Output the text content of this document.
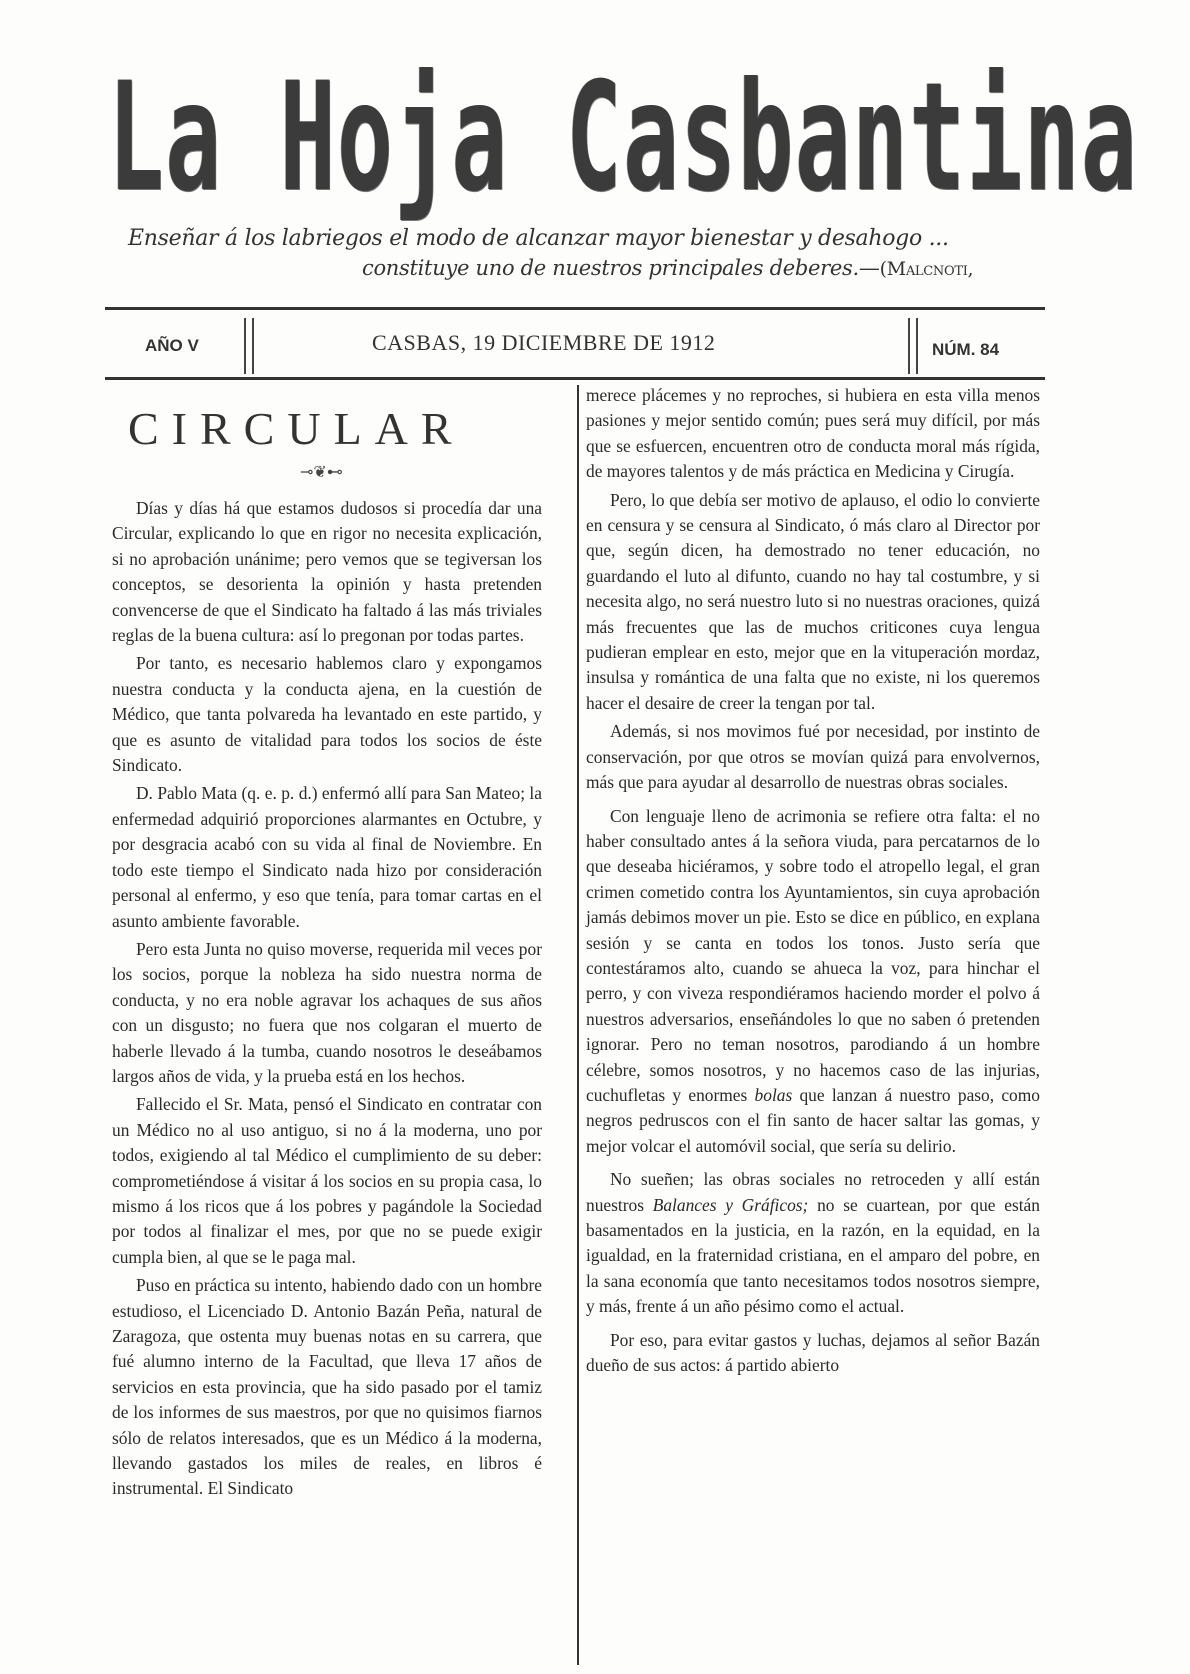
La Hoja Casbantina
Enseñar á los labriegos el modo de alcanzar mayor bienestar y desahogo ...
constituye uno de nuestros principales deberes.—(Malcnoti,
AÑO V	CASBAS, 19 DICIEMBRE DE 1912	NÚM. 84
CIRCULAR
⊸❦⊷

Días y días há que estamos dudosos si procedía dar una Circular, explicando lo que en rigor no necesita explicación, si no aprobación unánime; pero vemos que se tegiversan los conceptos, se desorienta la opinión y hasta pretenden convencerse de que el Sindicato ha faltado á las más triviales reglas de la buena cultura: así lo pregonan por todas partes.

Por tanto, es necesario hablemos claro y expongamos nuestra conducta y la conducta ajena, en la cuestión de Médico, que tanta polvareda ha levantado en este partido, y que es asunto de vitalidad para todos los socios de éste Sindicato.

D. Pablo Mata (q. e. p. d.) enfermó allí para San Mateo; la enfermedad adquirió proporciones alarmantes en Octubre, y por desgracia acabó con su vida al final de Noviembre. En todo este tiempo el Sindicato nada hizo por consideración personal al enfermo, y eso que tenía, para tomar cartas en el asunto ambiente favorable.

Pero esta Junta no quiso moverse, requerida mil veces por los socios, porque la nobleza ha sido nuestra norma de conducta, y no era noble agravar los achaques de sus años con un disgusto; no fuera que nos colgaran el muerto de haberle llevado á la tumba, cuando nosotros le deseábamos largos años de vida, y la prueba está en los hechos.

Fallecido el Sr. Mata, pensó el Sindicato en contratar con un Médico no al uso antiguo, si no á la moderna, uno por todos, exigiendo al tal Médico el cumplimiento de su deber: comprometiéndose á visitar á los socios en su propia casa, lo mismo á los ricos que á los pobres y pagándole la Sociedad por todos al finalizar el mes, por que no se puede exigir cumpla bien, al que se le paga mal.

Puso en práctica su intento, habiendo dado con un hombre estudioso, el Licenciado D. Antonio Bazán Peña, natural de Zaragoza, que ostenta muy buenas notas en su carrera, que fué alumno interno de la Facultad, que lleva 17 años de servicios en esta provincia, que ha sido pasado por el tamiz de los informes de sus maestros, por que no quisimos fiarnos sólo de relatos interesados, que es un Médico á la moderna, llevando gastados los miles de reales, en libros é instrumental. El Sindicato

merece plácemes y no reproches, si hubiera en esta villa menos pasiones y mejor sentido común; pues será muy difícil, por más que se esfuercen, encuentren otro de conducta moral más rígida, de mayores talentos y de más práctica en Medicina y Cirugía.

Pero, lo que debía ser motivo de aplauso, el odio lo convierte en censura y se censura al Sindicato, ó más claro al Director por que, según dicen, ha demostrado no tener educación, no guardando el luto al difunto, cuando no hay tal costumbre, y si necesita algo, no será nuestro luto si no nuestras oraciones, quizá más frecuentes que las de muchos criticones cuya lengua pudieran emplear en esto, mejor que en la vituperación mordaz, insulsa y romántica de una falta que no existe, ni los queremos hacer el desaire de creer la tengan por tal.

Además, si nos movimos fué por necesidad, por instinto de conservación, por que otros se movían quizá para envolvernos, más que para ayudar al desarrollo de nuestras obras sociales.

Con lenguaje lleno de acrimonia se refiere otra falta: el no haber consultado antes á la señora viuda, para percatarnos de lo que deseaba hiciéramos, y sobre todo el atropello legal, el gran crimen cometido contra los Ayuntamientos, sin cuya aprobación jamás debimos mover un pie. Esto se dice en público, en explana sesión y se canta en todos los tonos. Justo sería que contestáramos alto, cuando se ahueca la voz, para hinchar el perro, y con viveza respondiéramos haciendo morder el polvo á nuestros adversarios, enseñándoles lo que no saben ó pretenden ignorar. Pero no teman nosotros, parodiando á un hombre célebre, somos nosotros, y no hacemos caso de las injurias, cuchufletas y enormes bolas que lanzan á nuestro paso, como negros pedruscos con el fin santo de hacer saltar las gomas, y mejor volcar el automóvil social, que sería su delirio.

No sueñen; las obras sociales no retroceden y allí están nuestros Balances y Gráficos; no se cuartean, por que están basamentados en la justicia, en la razón, en la equidad, en la igualdad, en la fraternidad cristiana, en el amparo del pobre, en la sana economía que tanto necesitamos todos nosotros siempre, y más, frente á un año pésimo como el actual.

Por eso, para evitar gastos y luchas, dejamos al señor Bazán dueño de sus actos: á partido abierto
